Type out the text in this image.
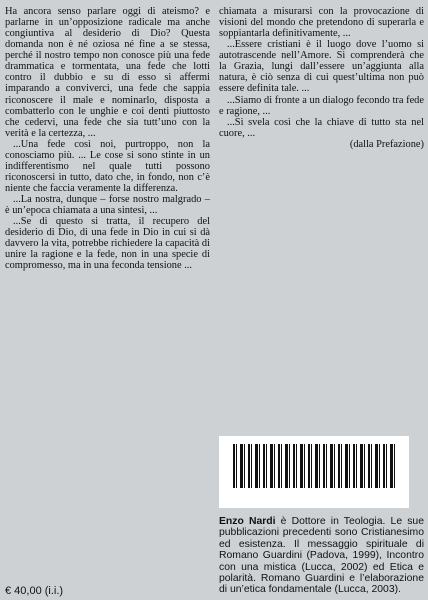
Ha ancora senso parlare oggi di ateismo? e parlarne in un’opposizione radicale ma anche congiuntiva al desiderio di Dio? Questa domanda non è né oziosa né fine a se stessa, perché il nostro tempo non conosce più una fede drammatica e tormentata, una fede che lotti contro il dubbio e su di esso si affermi imparando a conviverci, una fede che sappia riconoscere il male e nominarlo, disposta a combatterlo con le unghie e coi denti piuttosto che cedervi, una fede che sia tutt’uno con la verità e la certezza, ...

...Una fede così noi, purtroppo, non la conosciamo più. ... Le cose si sono stinte in un indifferentismo nel quale tutti possono riconoscersi in tutto, dato che, in fondo, non c’è niente che faccia veramente la differenza.

...La nostra, dunque – forse nostro malgrado – è un’epoca chiamata a una sintesi, ...

...Se di questo si tratta, il recupero del desiderio di Dio, di una fede in Dio in cui si dà davvero la vita, potrebbe richiedere la capacità di unire la ragione e la fede, non in una specie di compromesso, ma in una feconda tensione ...

chiamata a misurarsi con la provocazione di visioni del mondo che pretendono di superarla e soppiantarla definitivamente, ...

...Essere cristiani è il luogo dove l’uomo si autotrascende nell’Amore. Si comprenderà che la Grazia, lungi dall’essere un’aggiunta alla natura, è ciò senza di cui quest’ultima non può essere definita tale. ...

...Siamo di fronte a un dialogo fecondo tra fede e ragione, ...

...Si svela così che la chiave di tutto sta nel cuore, ...

(dalla Prefazione)

Enzo Nardi è Dottore in Teologia. Le sue pubblicazioni precedenti sono Cristianesimo ed esistenza. Il messaggio spirituale di Romano Guardini (Padova, 1999), Incontro con una mistica (Lucca, 2002) ed Etica e polarità. Romano Guardini e l’elaborazione di un’etica fondamentale (Lucca, 2003).
€ 40,00 (i.i.)
